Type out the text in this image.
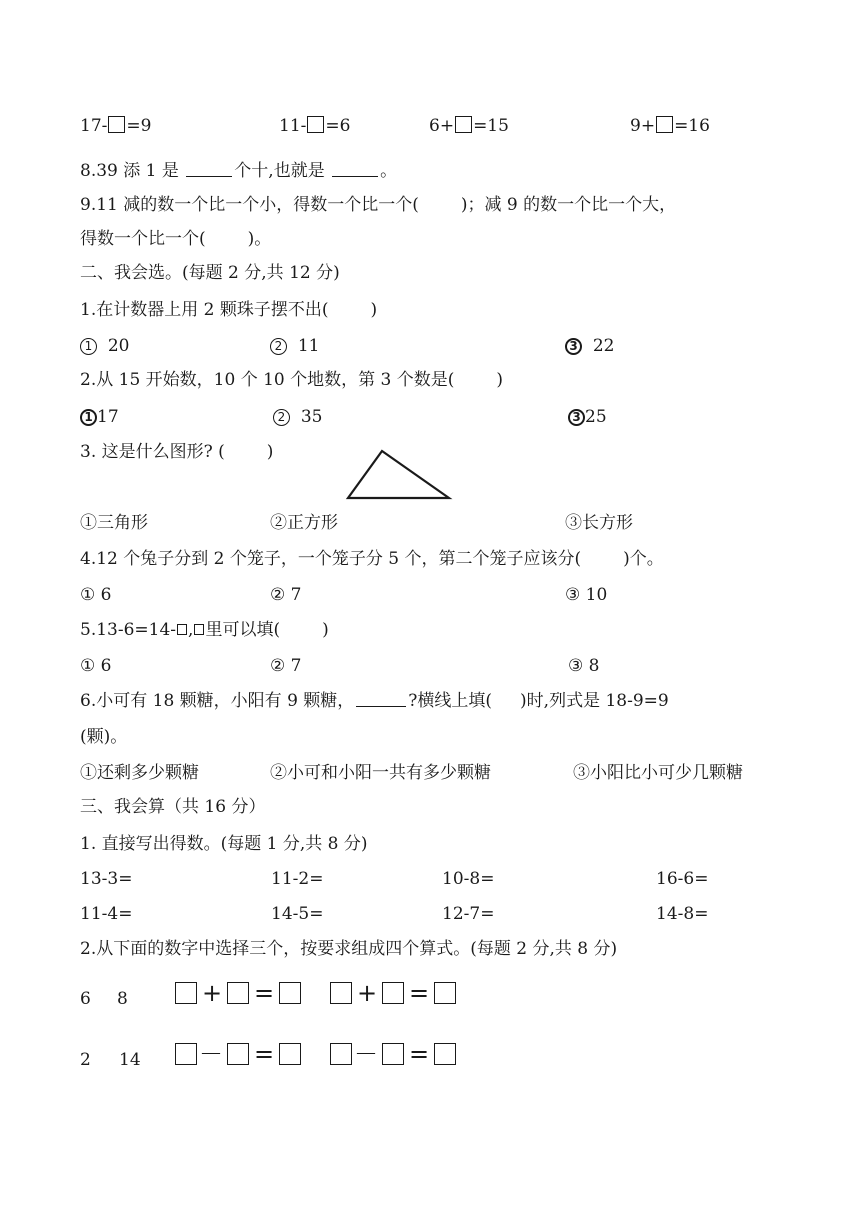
17- =9	11- =6	6+ =15	9+ =16
8.39 添 1 是	个十,也就是	。
9.11 减的数一个比一个小，得数一个比一个( )；减 9 的数一个比一个大，
得数一个比一个( )。
二、我会选。(每题 2 分,共 12 分)
1.在计数器上用 2 颗珠子摆不出( )
1 20	2 11	3 22
2.从 15 开始数，10 个 10 个地数，第 3 个数是( )
1 17	2 35	3 25
3. 这是什么图形? ( )
①三角形	②正方形	③长方形
4.12 个兔子分到 2 个笼子，一个笼子分 5 个，第二个笼子应该分( )个。
① 6	② 7	③ 10
5.13-6=14- , 里可以填( )
① 6	② 7	③ 8
6.小可有 18 颗糖，小阳有 9 颗糖，	?横线上填( )时,列式是 18-9=9
(颗)。
①还剩多少颗糖	②小可和小阳一共有多少颗糖	③小阳比小可少几颗糖
三、我会算（共 16 分）
1. 直接写出得数。(每题 1 分,共 8 分)
13-3=	11-2=	10-8=	16-6=
11-4=	14-5=	12-7=	14-8=
2.从下面的数字中选择三个，按要求组成四个算式。(每题 2 分,共 8 分)
6 8	+ =	+ =
2 14 － =	－ =
